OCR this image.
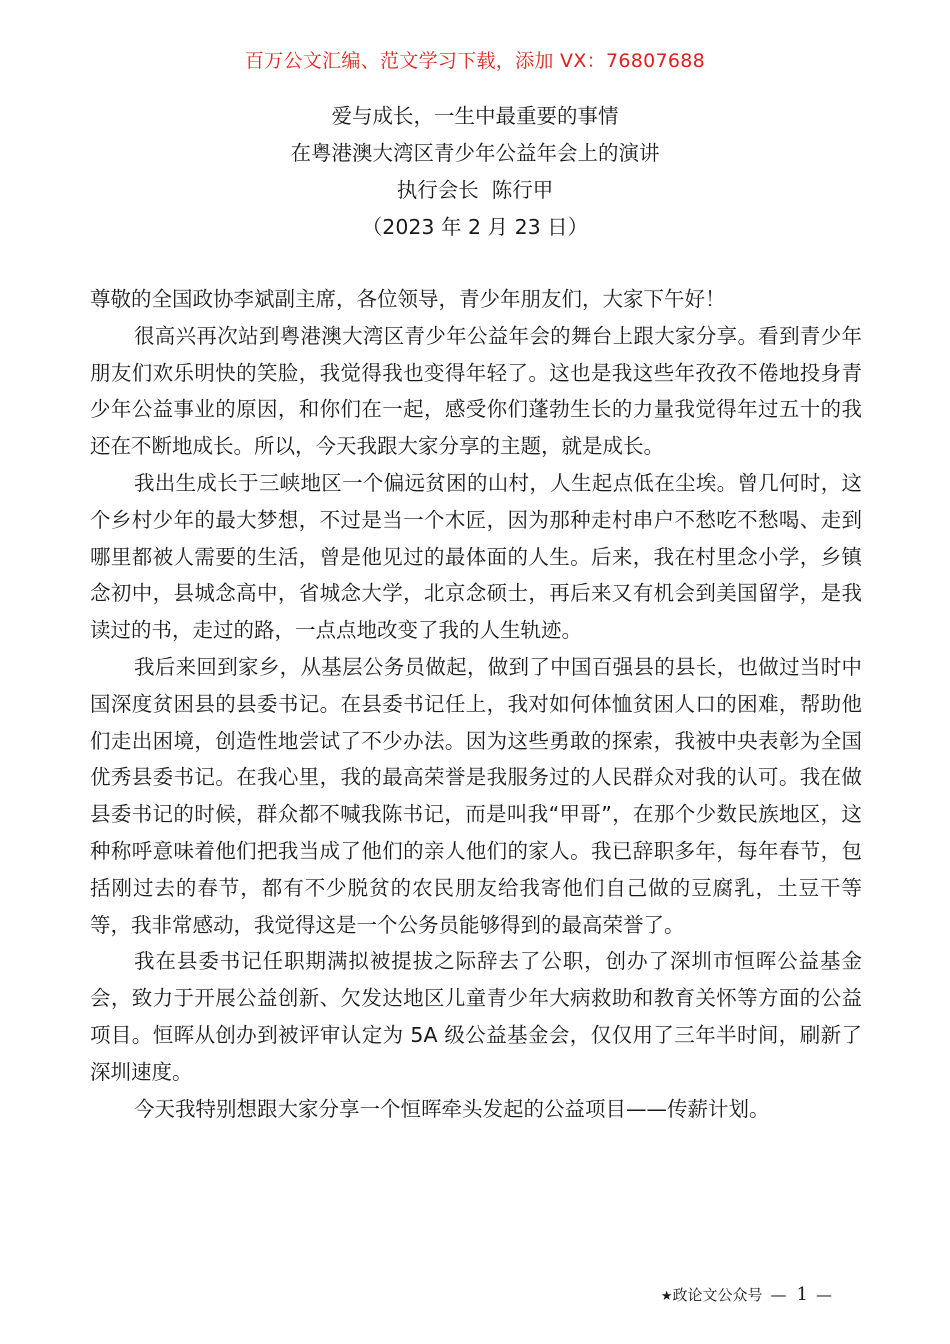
百万公文汇编、范文学习下载，添加 VX：76807688
爱与成长，一生中最重要的事情
在粤港澳大湾区青少年公益年会上的演讲
执行会长  陈行甲
（2023 年 2 月 23 日）

尊敬的全国政协李斌副主席，各位领导，青少年朋友们，大家下午好！

很高兴再次站到粤港澳大湾区青少年公益年会的舞台上跟大家分享。看到青少年朋友们欢乐明快的笑脸，我觉得我也变得年轻了。这也是我这些年孜孜不倦地投身青少年公益事业的原因，和你们在一起，感受你们蓬勃生长的力量我觉得年过五十的我还在不断地成长。所以，今天我跟大家分享的主题，就是成长。

我出生成长于三峡地区一个偏远贫困的山村，人生起点低在尘埃。曾几何时，这个乡村少年的最大梦想，不过是当一个木匠，因为那种走村串户不愁吃不愁喝、走到哪里都被人需要的生活，曾是他见过的最体面的人生。后来，我在村里念小学，乡镇念初中，县城念高中，省城念大学，北京念硕士，再后来又有机会到美国留学，是我读过的书，走过的路，一点点地改变了我的人生轨迹。

我后来回到家乡，从基层公务员做起，做到了中国百强县的县长，也做过当时中国深度贫困县的县委书记。在县委书记任上，我对如何体恤贫困人口的困难，帮助他们走出困境，创造性地尝试了不少办法。因为这些勇敢的探索，我被中央表彰为全国优秀县委书记。在我心里，我的最高荣誉是我服务过的人民群众对我的认可。我在做县委书记的时候，群众都不喊我陈书记，而是叫我“甲哥”，在那个少数民族地区，这种称呼意味着他们把我当成了他们的亲人他们的家人。我已辞职多年，每年春节，包括刚过去的春节，都有不少脱贫的农民朋友给我寄他们自己做的豆腐乳，土豆干等等，我非常感动，我觉得这是一个公务员能够得到的最高荣誉了。

我在县委书记任职期满拟被提拔之际辞去了公职，创办了深圳市恒晖公益基金会，致力于开展公益创新、欠发达地区儿童青少年大病救助和教育关怀等方面的公益项目。恒晖从创办到被评审认定为 5A 级公益基金会，仅仅用了三年半时间，刷新了深圳速度。

今天我特别想跟大家分享一个恒晖牵头发起的公益项目——传薪计划。

★政论文公众号 — 1 —
